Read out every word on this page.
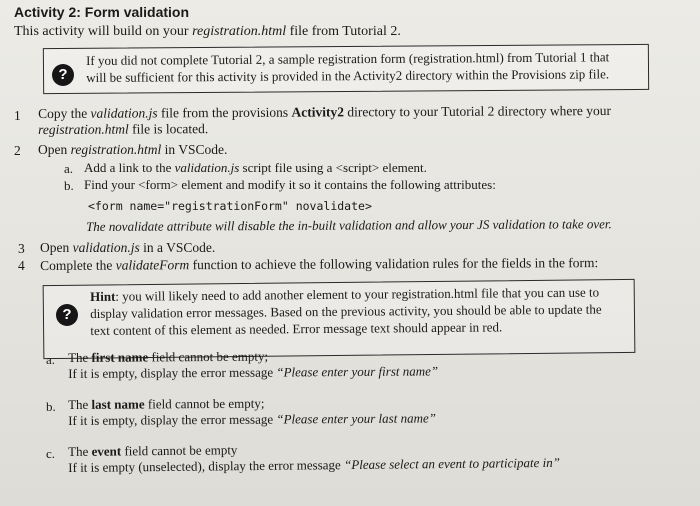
Activity 2: Form validation
This activity will build on your registration.html file from Tutorial 2.
?
If you did not complete Tutorial 2, a sample registration form (registration.html) from Tutorial 1 that
will be sufficient for this activity is provided in the Activity2 directory within the Provisions zip file.
1 Copy the validation.js file from the provisions Activity2 directory to your Tutorial 2 directory where your
registration.html file is located.
2 Open registration.html in VSCode.
a. Add a link to the validation.js script file using a <script> element.
b. Find your <form> element and modify it so it contains the following attributes:
<form name="registrationForm" novalidate>
The novalidate attribute will disable the in-built validation and allow your JS validation to take over.
3 Open validation.js in a VSCode.
4 Complete the validateForm function to achieve the following validation rules for the fields in the form:
?
Hint: you will likely need to add another element to your registration.html file that you can use to
display validation error messages. Based on the previous activity, you should be able to update the
text content of this element as needed. Error message text should appear in red.
a. The first name field cannot be empty;
If it is empty, display the error message “Please enter your first name”
b. The last name field cannot be empty;
If it is empty, display the error message “Please enter your last name”
c. The event field cannot be empty
If it is empty (unselected), display the error message “Please select an event to participate in”
